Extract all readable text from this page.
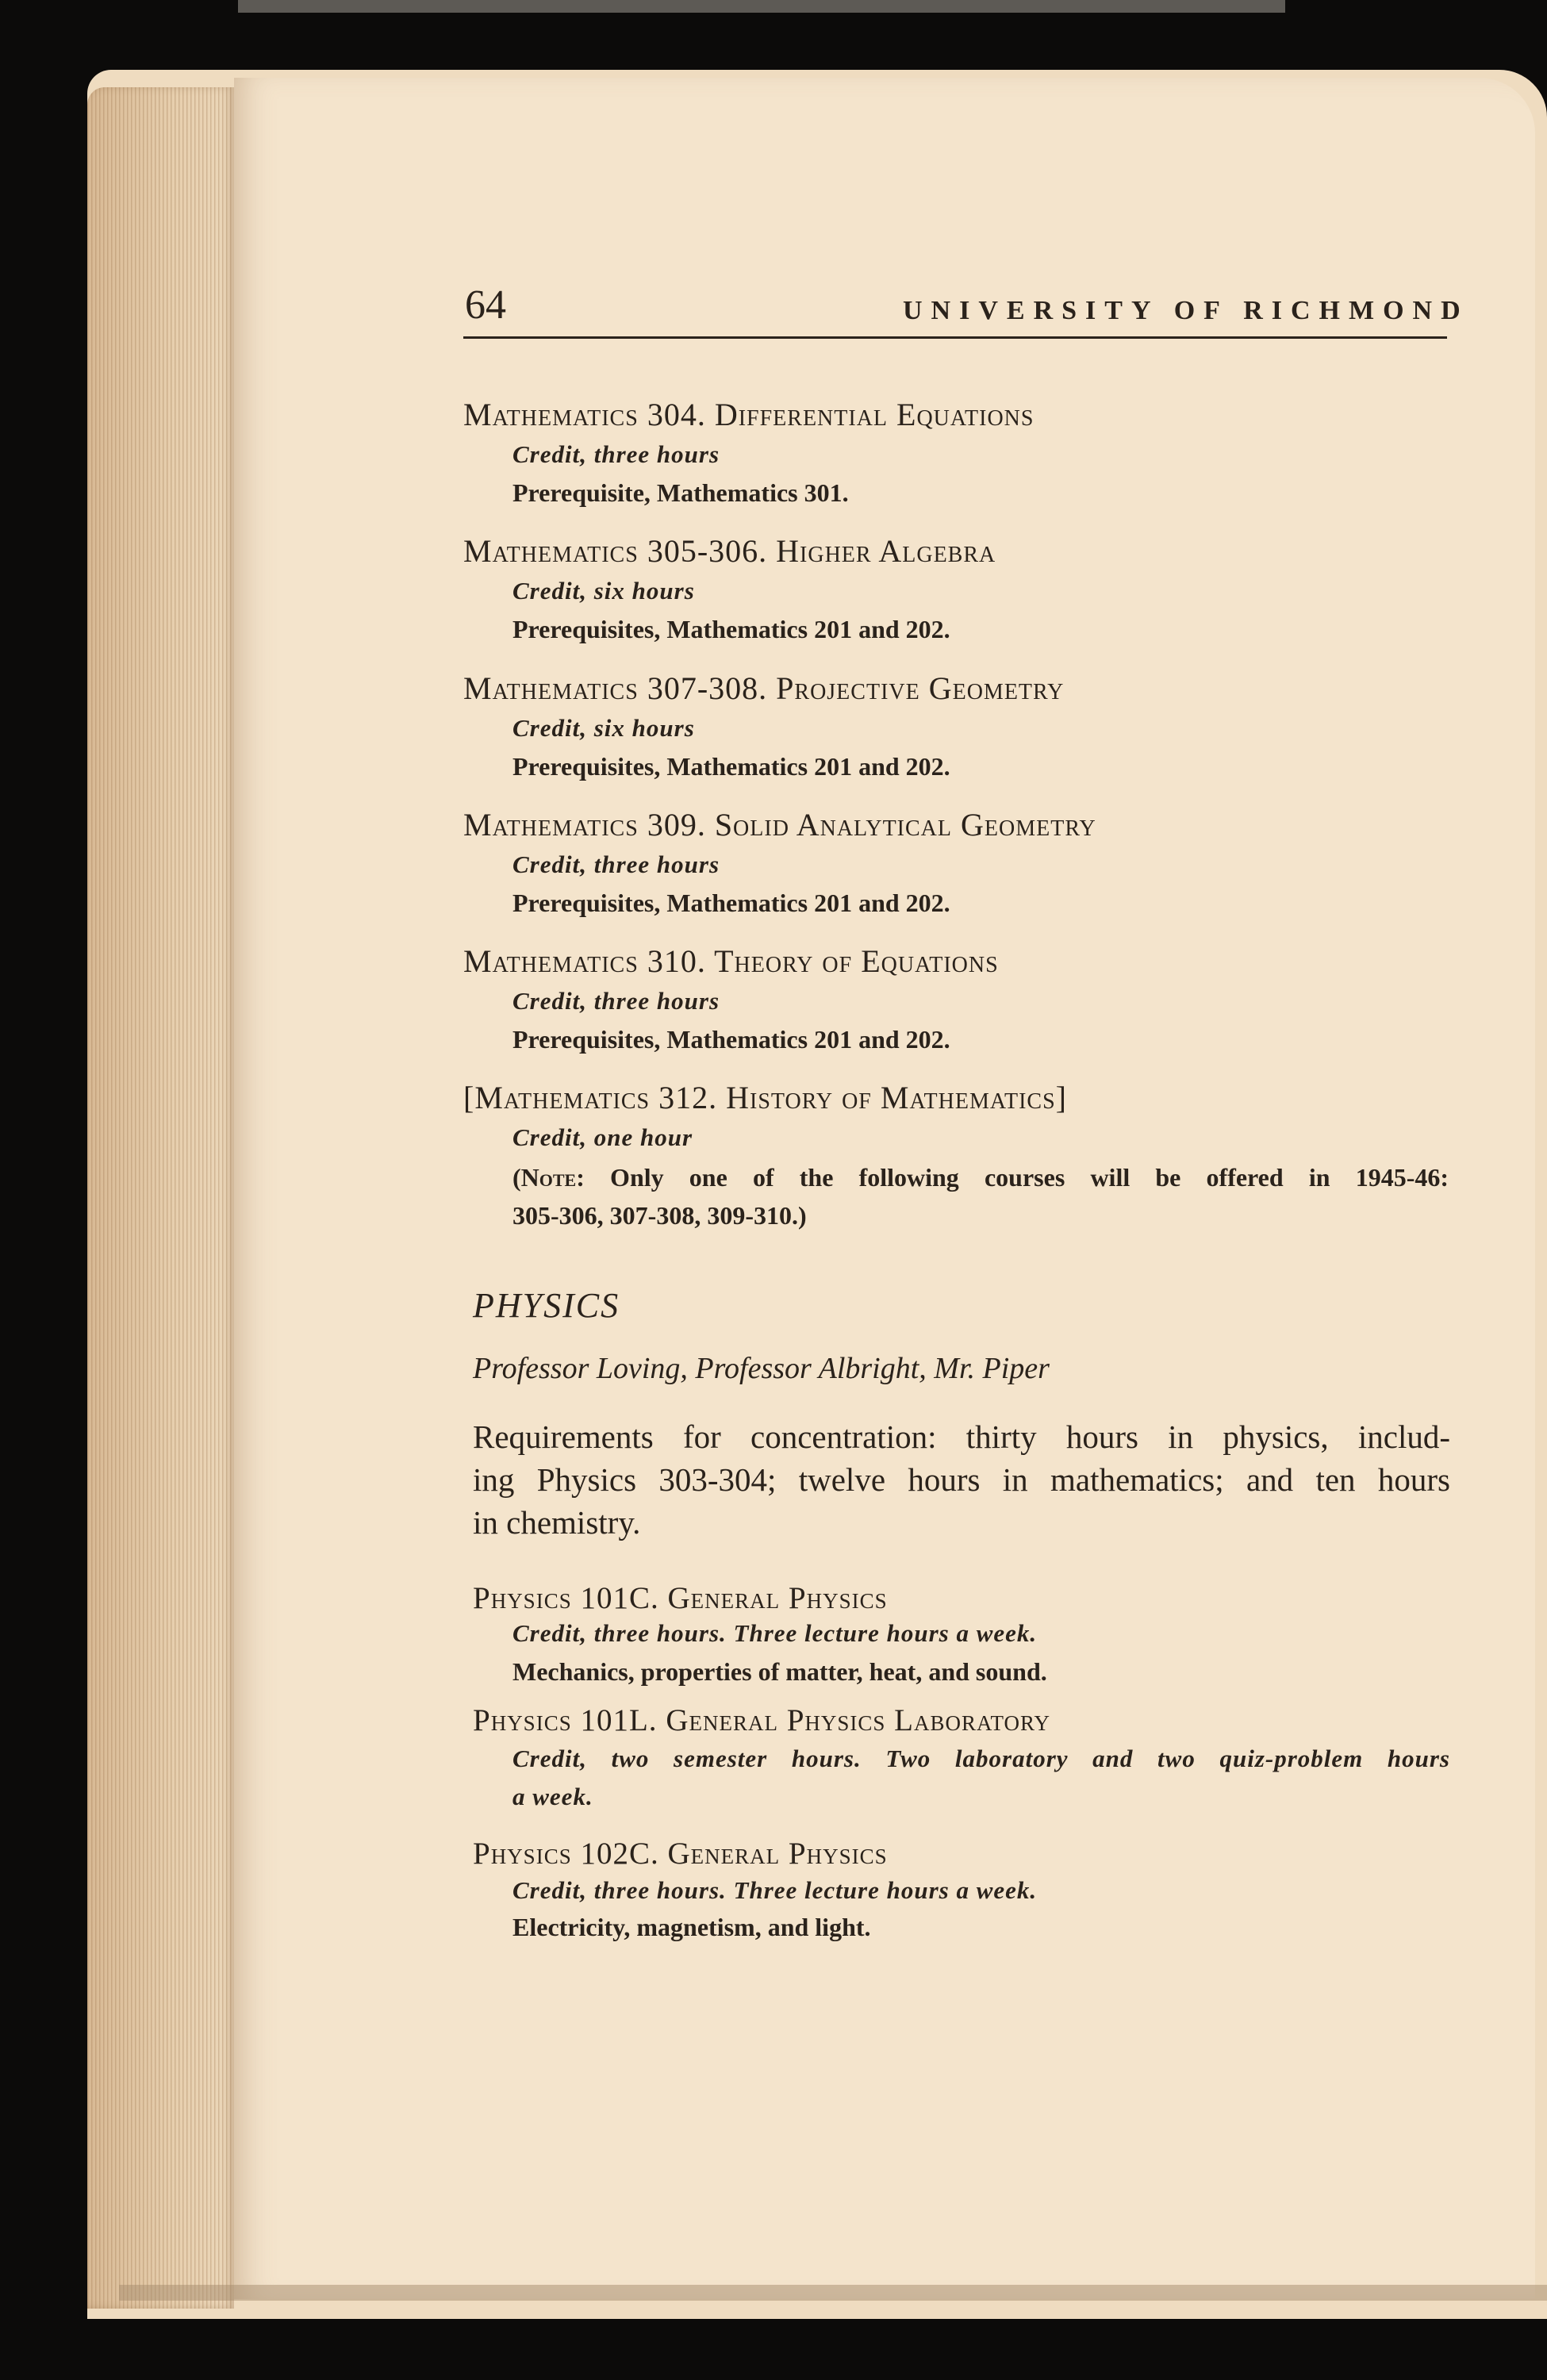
64	UNIVERSITY OF RICHMOND
Mathematics 304. Differential Equations
Credit, three hours
Prerequisite, Mathematics 301.
Mathematics 305-306. Higher Algebra
Credit, six hours
Prerequisites, Mathematics 201 and 202.
Mathematics 307-308. Projective Geometry
Credit, six hours
Prerequisites, Mathematics 201 and 202.
Mathematics 309. Solid Analytical Geometry
Credit, three hours
Prerequisites, Mathematics 201 and 202.
Mathematics 310. Theory of Equations
Credit, three hours
Prerequisites, Mathematics 201 and 202.
[Mathematics 312. History of Mathematics]
Credit, one hour
(Note: Only one of the following courses will be offered in 1945-46:
305-306, 307-308, 309-310.)
PHYSICS
Professor Loving, Professor Albright, Mr. Piper
Requirements for concentration: thirty hours in physics, includ-
ing Physics 303-304; twelve hours in mathematics; and ten hours
in chemistry.
Physics 101C. General Physics
Credit, three hours. Three lecture hours a week.
Mechanics, properties of matter, heat, and sound.
Physics 101L. General Physics Laboratory
Credit, two semester hours. Two laboratory and two quiz-problem hours
a week.
Physics 102C. General Physics
Credit, three hours. Three lecture hours a week.
Electricity, magnetism, and light.
